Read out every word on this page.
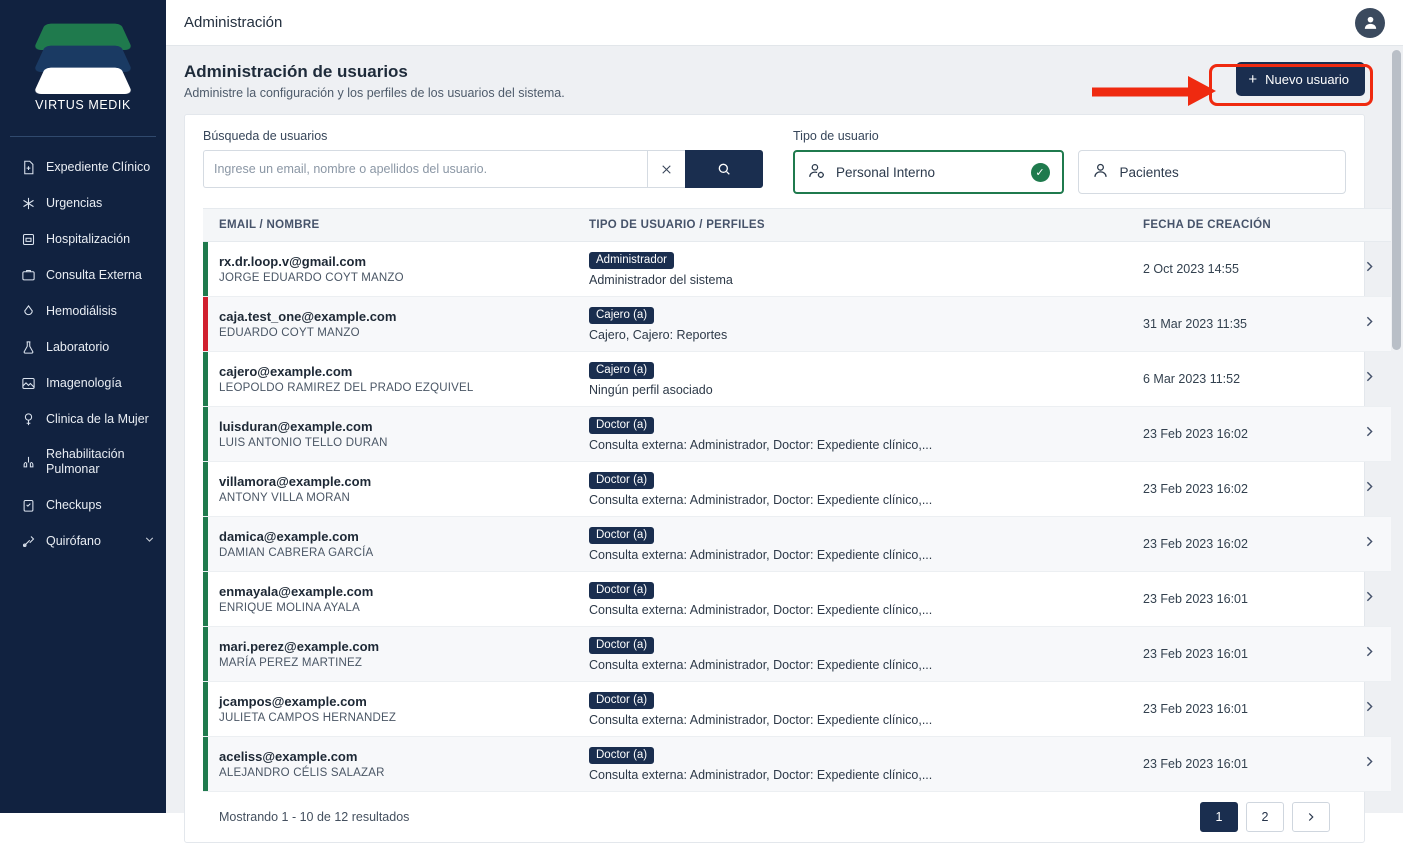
VIRTUS MEDIK
Expediente Clínico
Urgencias
Hospitalización
Consulta Externa
Hemodiálisis
Laboratorio
Imagenología
Clinica de la Mujer
Rehabilitación Pulmonar
Checkups
Quirófano
Administración
Administración de usuarios
Administre la configuración y los perfiles de los usuarios del sistema.
+ Nuevo usuario
Búsqueda de usuarios
Ingrese un email, nombre o apellidos del usuario.	Tipo de usuario
Personal Interno	✓	Pacientes
EMAIL / NOMBRE	TIPO DE USUARIO / PERFILES	FECHA DE CREACIÓN	

rx.dr.loop.v@gmail.com
JORGE EDUARDO COYT MANZO
	Administrador
Administrador del sistema
	2 Oct 2023 14:55	

caja.test_one@example.com
EDUARDO COYT MANZO
	Cajero (a)
Cajero, Cajero: Reportes
	31 Mar 2023 11:35	

cajero@example.com
LEOPOLDO RAMIREZ DEL PRADO EZQUIVEL
	Cajero (a)
Ningún perfil asociado
	6 Mar 2023 11:52	

luisduran@example.com
LUIS ANTONIO TELLO DURAN
	Doctor (a)
Consulta externa: Administrador, Doctor: Expediente clínico,...
	23 Feb 2023 16:02	

villamora@example.com
ANTONY VILLA MORAN
	Doctor (a)
Consulta externa: Administrador, Doctor: Expediente clínico,...
	23 Feb 2023 16:02	

damica@example.com
DAMIAN CABRERA GARCÍA
	Doctor (a)
Consulta externa: Administrador, Doctor: Expediente clínico,...
	23 Feb 2023 16:02	

enmayala@example.com
ENRIQUE MOLINA AYALA
	Doctor (a)
Consulta externa: Administrador, Doctor: Expediente clínico,...
	23 Feb 2023 16:01	

mari.perez@example.com
MARÍA PEREZ MARTINEZ
	Doctor (a)
Consulta externa: Administrador, Doctor: Expediente clínico,...
	23 Feb 2023 16:01	

jcampos@example.com
JULIETA CAMPOS HERNANDEZ
	Doctor (a)
Consulta externa: Administrador, Doctor: Expediente clínico,...
	23 Feb 2023 16:01	

aceliss@example.com
ALEJANDRO CÉLIS SALAZAR
	Doctor (a)
Consulta externa: Administrador, Doctor: Expediente clínico,...
	23 Feb 2023 16:01	
Mostrando 1 - 10 de 12 resultados	1	2
